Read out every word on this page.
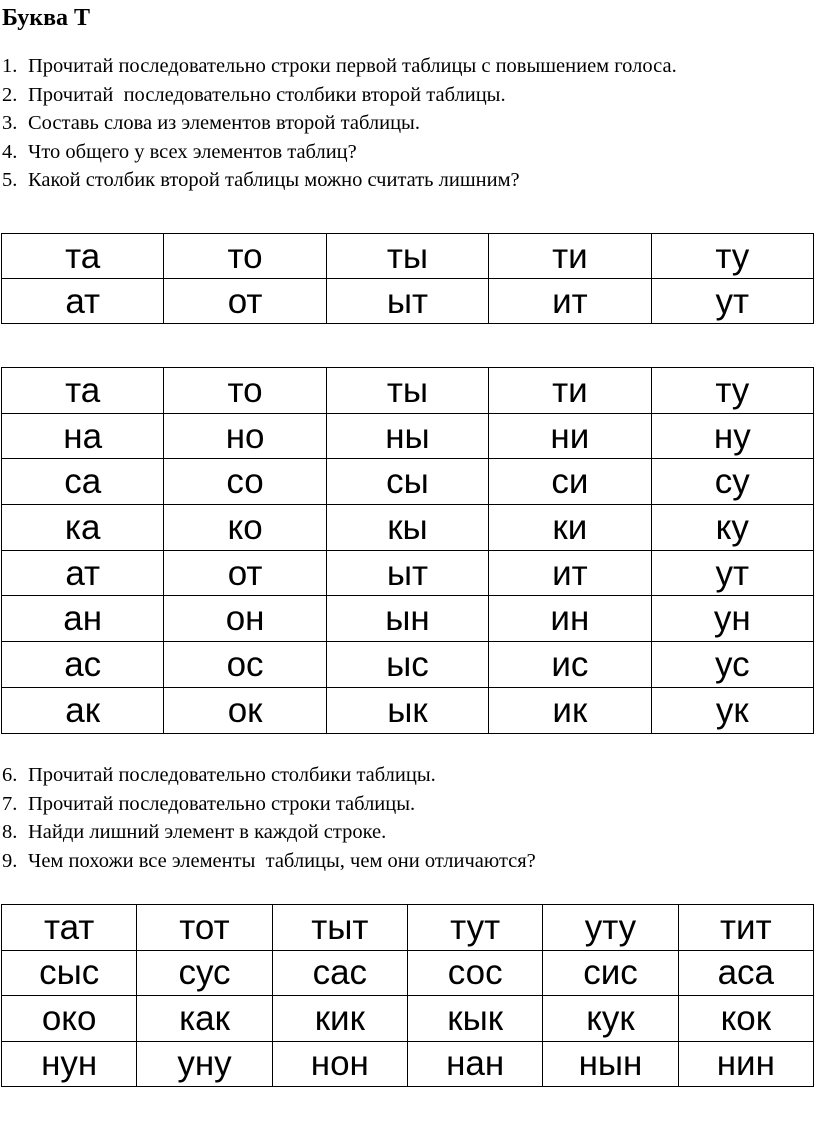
Буква Т
1. Прочитай последовательно строки первой таблицы с повышением голоса.
2. Прочитай  последовательно столбики второй таблицы.
3. Составь слова из элементов второй таблицы.
4. Что общего у всех элементов таблиц?
5. Какой столбик второй таблицы можно считать лишним?
та	то	ты	ти	ту
ат	от	ыт	ит	ут
та	то	ты	ти	ту
на	но	ны	ни	ну
са	со	сы	си	су
ка	ко	кы	ки	ку
ат	от	ыт	ит	ут
ан	он	ын	ин	ун
ас	ос	ыс	ис	ус
ак	ок	ык	ик	ук
6. Прочитай последовательно столбики таблицы.
7. Прочитай последовательно строки таблицы.
8. Найди лишний элемент в каждой строке.
9. Чем похожи все элементы  таблицы, чем они отличаются?
тат	тот	тыт	тут	уту	тит
сыс	сус	сас	сос	сис	аса
око	как	кик	кык	кук	кок
нун	уну	нон	нан	нын	нин
